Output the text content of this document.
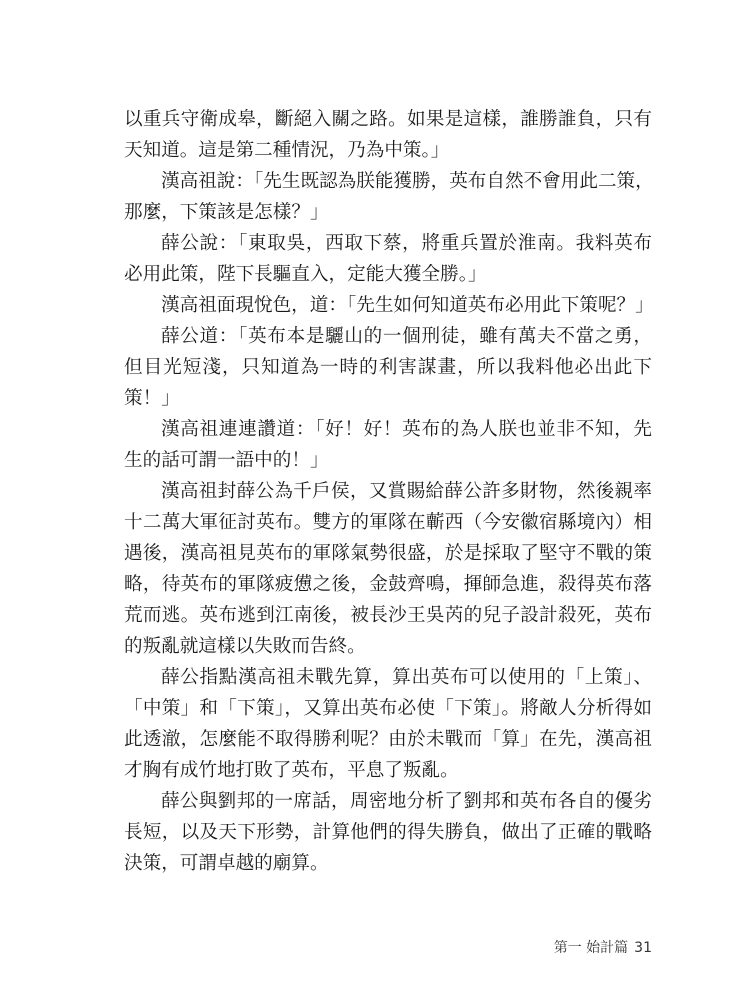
以重兵守衛成皋，斷絕入關之路。如果是這樣，誰勝誰負，只有
天知道。這是第二種情況，乃為中策。」
漢高祖說：「先生既認為朕能獲勝，英布自然不會用此二策，
那麼，下策該是怎樣？」
薛公說：「東取吳，西取下蔡，將重兵置於淮南。我料英布
必用此策，陛下長驅直入，定能大獲全勝。」
漢高祖面現悅色，道：「先生如何知道英布必用此下策呢？」
薛公道：「英布本是驪山的一個刑徒，雖有萬夫不當之勇，
但目光短淺，只知道為一時的利害謀畫，所以我料他必出此下
策！」
漢高祖連連讚道：「好！好！英布的為人朕也並非不知，先
生的話可謂一語中的！」
漢高祖封薛公為千戶侯，又賞賜給薛公許多財物，然後親率
十二萬大軍征討英布。雙方的軍隊在蘄西（今安徽宿縣境內）相
遇後，漢高祖見英布的軍隊氣勢很盛，於是採取了堅守不戰的策
略，待英布的軍隊疲憊之後，金鼓齊鳴，揮師急進，殺得英布落
荒而逃。英布逃到江南後，被長沙王吳芮的兒子設計殺死，英布
的叛亂就這樣以失敗而告終。
薛公指點漢高祖未戰先算，算出英布可以使用的「上策」、
「中策」和「下策」，又算出英布必使「下策」。將敵人分析得如
此透澈，怎麼能不取得勝利呢？由於未戰而「算」在先，漢高祖
才胸有成竹地打敗了英布，平息了叛亂。
薛公與劉邦的一席話，周密地分析了劉邦和英布各自的優劣
長短，以及天下形勢，計算他們的得失勝負，做出了正確的戰略
決策，可謂卓越的廟算。
第一 始計篇 31
